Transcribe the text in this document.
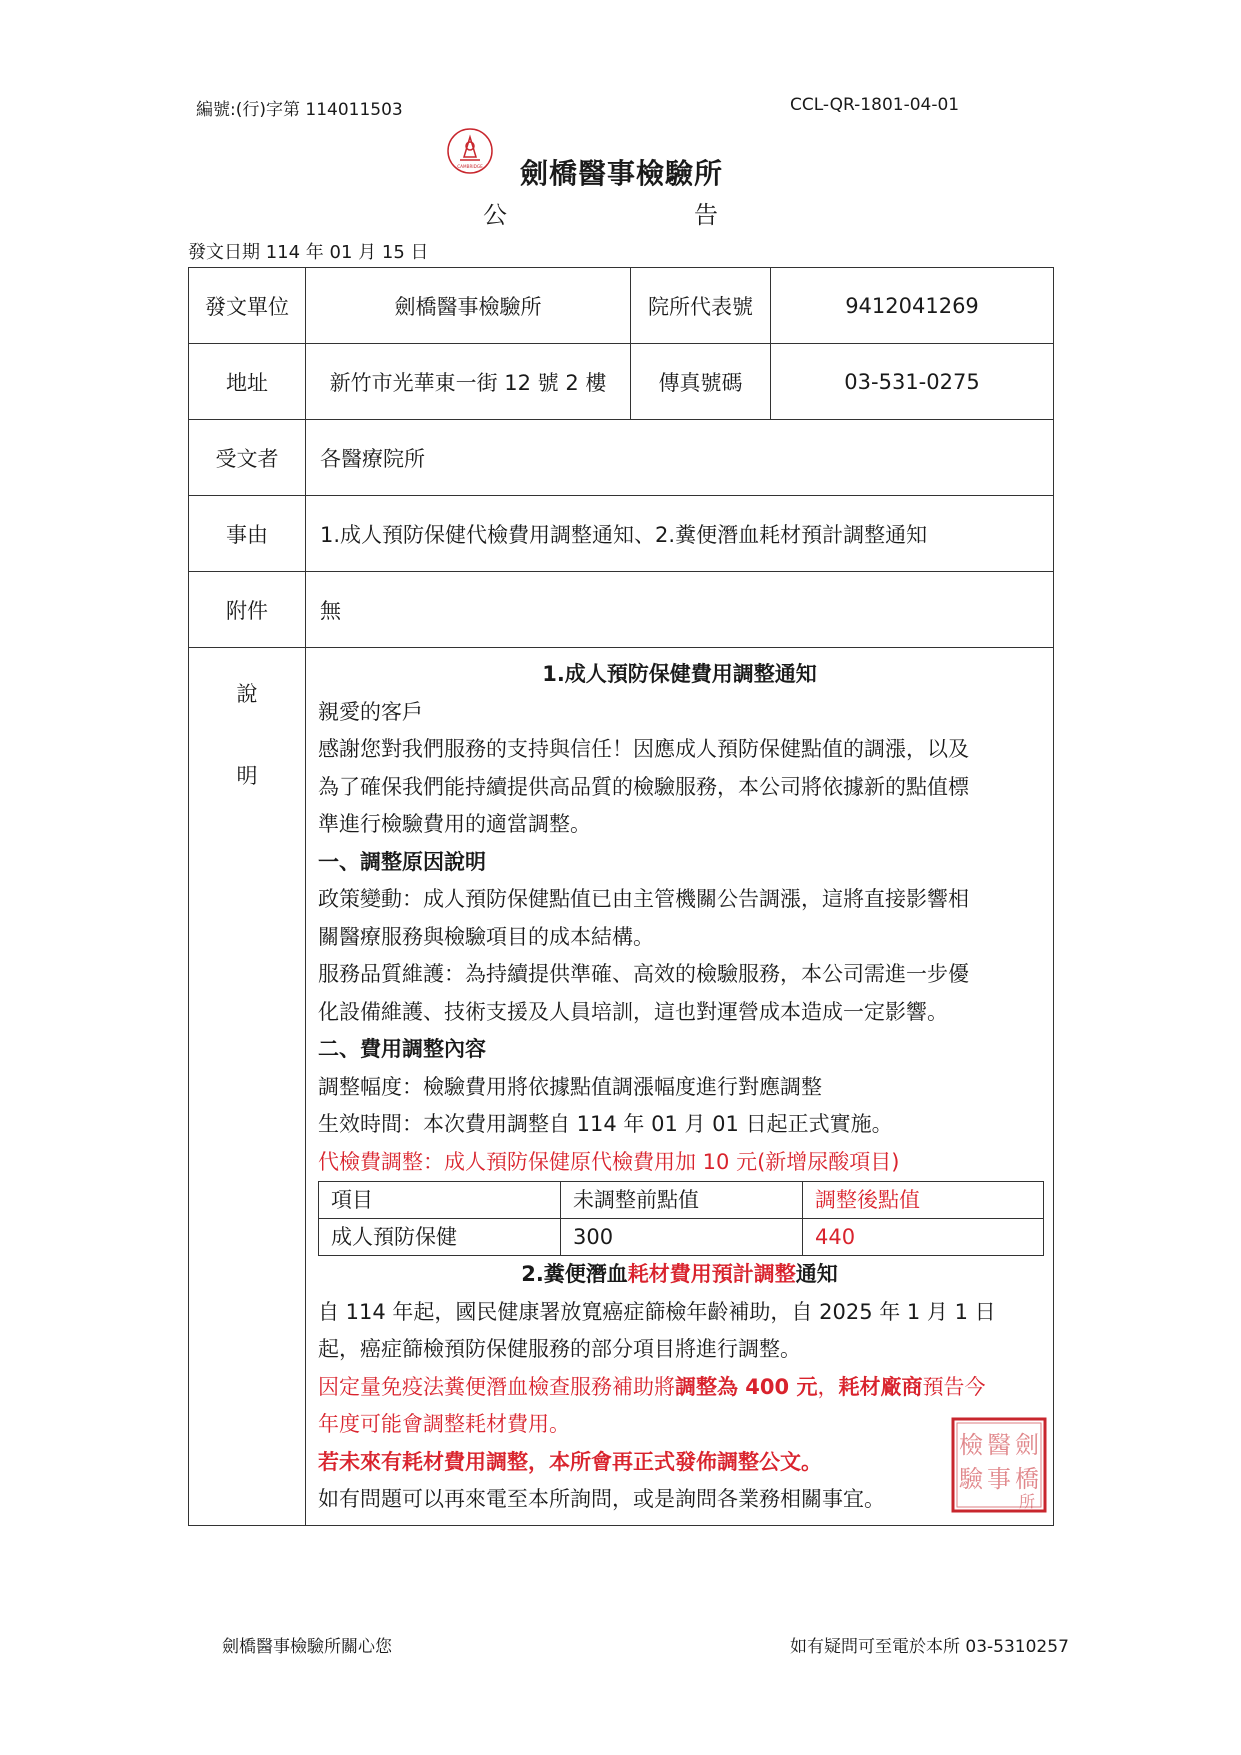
編號:(行)字第 114011503	CCL-QR-1801-04-01
CAMBRIDGE 劍橋醫事檢驗所
公	告
發文日期 114 年 01 月 15 日
發文單位	劍橋醫事檢驗所	院所代表號	9412041269
地址	新竹市光華東一街 12 號 2 樓	傳真號碼	03-531-0275
受文者	各醫療院所
事由	1.成人預防保健代檢費用調整通知、2.糞便潛血耗材預計調整通知
附件	無

說
明

1.成人預防保健費用調整通知
親愛的客戶
感謝您對我們服務的支持與信任！因應成人預防保健點值的調漲，以及
為了確保我們能持續提供高品質的檢驗服務，本公司將依據新的點值標
準進行檢驗費用的適當調整。
一、調整原因說明
政策變動：成人預防保健點值已由主管機關公告調漲，這將直接影響相
關醫療服務與檢驗項目的成本結構。
服務品質維護：為持續提供準確、高效的檢驗服務，本公司需進一步優
化設備維護、技術支援及人員培訓，這也對運營成本造成一定影響。
二、費用調整內容
調整幅度：檢驗費用將依據點值調漲幅度進行對應調整
生效時間：本次費用調整自 114 年 01 月 01 日起正式實施。
代檢費調整：成人預防保健原代檢費用加 10 元(新增尿酸項目)
項目	未調整前點值	調整後點值
成人預防保健	300	440
2.糞便潛血耗材費用預計調整通知
自 114 年起，國民健康署放寬癌症篩檢年齡補助，自 2025 年 1 月 1 日
起，癌症篩檢預防保健服務的部分項目將進行調整。
因定量免疫法糞便潛血檢查服務補助將調整為 400 元，耗材廠商預告今
年度可能會調整耗材費用。
若未來有耗材費用調整，本所會再正式發佈調整公文。
如有問題可以再來電至本所詢問，或是詢問各業務相關事宜。
劍
橋
醫
事
檢
驗
所
劍橋醫事檢驗所關心您	如有疑問可至電於本所 03-5310257
